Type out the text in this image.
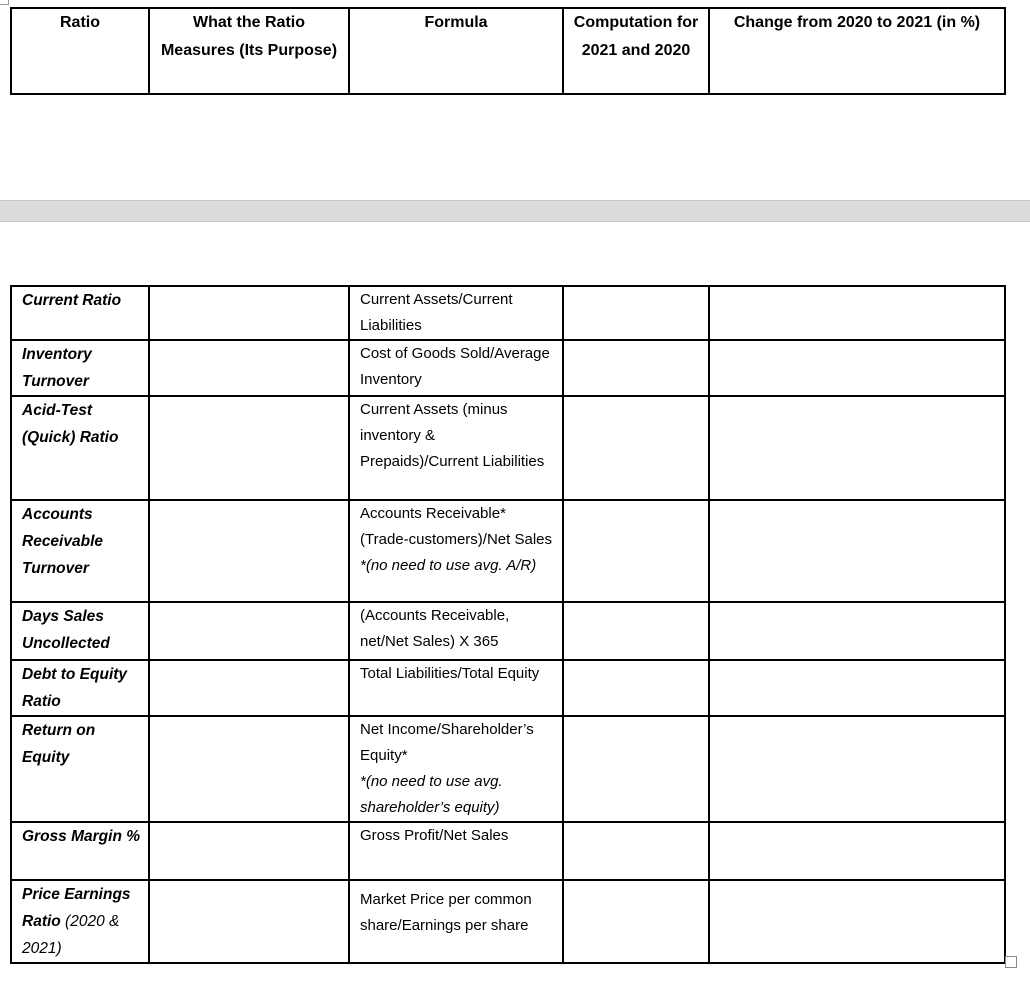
Ratio	What the Ratio Measures (Its Purpose)	Formula	Computation for 2021 and 2020	Change from 2020 to 2021 (in %)
Current Ratio		Current Assets/Current Liabilities		
Inventory Turnover		Cost of Goods Sold/Average Inventory		
Acid-Test (Quick) Ratio		Current Assets (minus inventory & Prepaids)/Current Liabilities		
Accounts Receivable Turnover		Accounts Receivable* (Trade-customers)/Net Sales
*(no need to use avg. A/R)		
Days Sales Uncollected		(Accounts Receivable, net/Net Sales) X 365		
Debt to Equity Ratio		Total Liabilities/Total Equity		
Return on Equity		Net Income/Shareholder’s Equity*
*(no need to use avg. shareholder’s equity)		
Gross Margin %		Gross Profit/Net Sales		
Price Earnings Ratio (2020 & 2021)		Market Price per common share/Earnings per share		
